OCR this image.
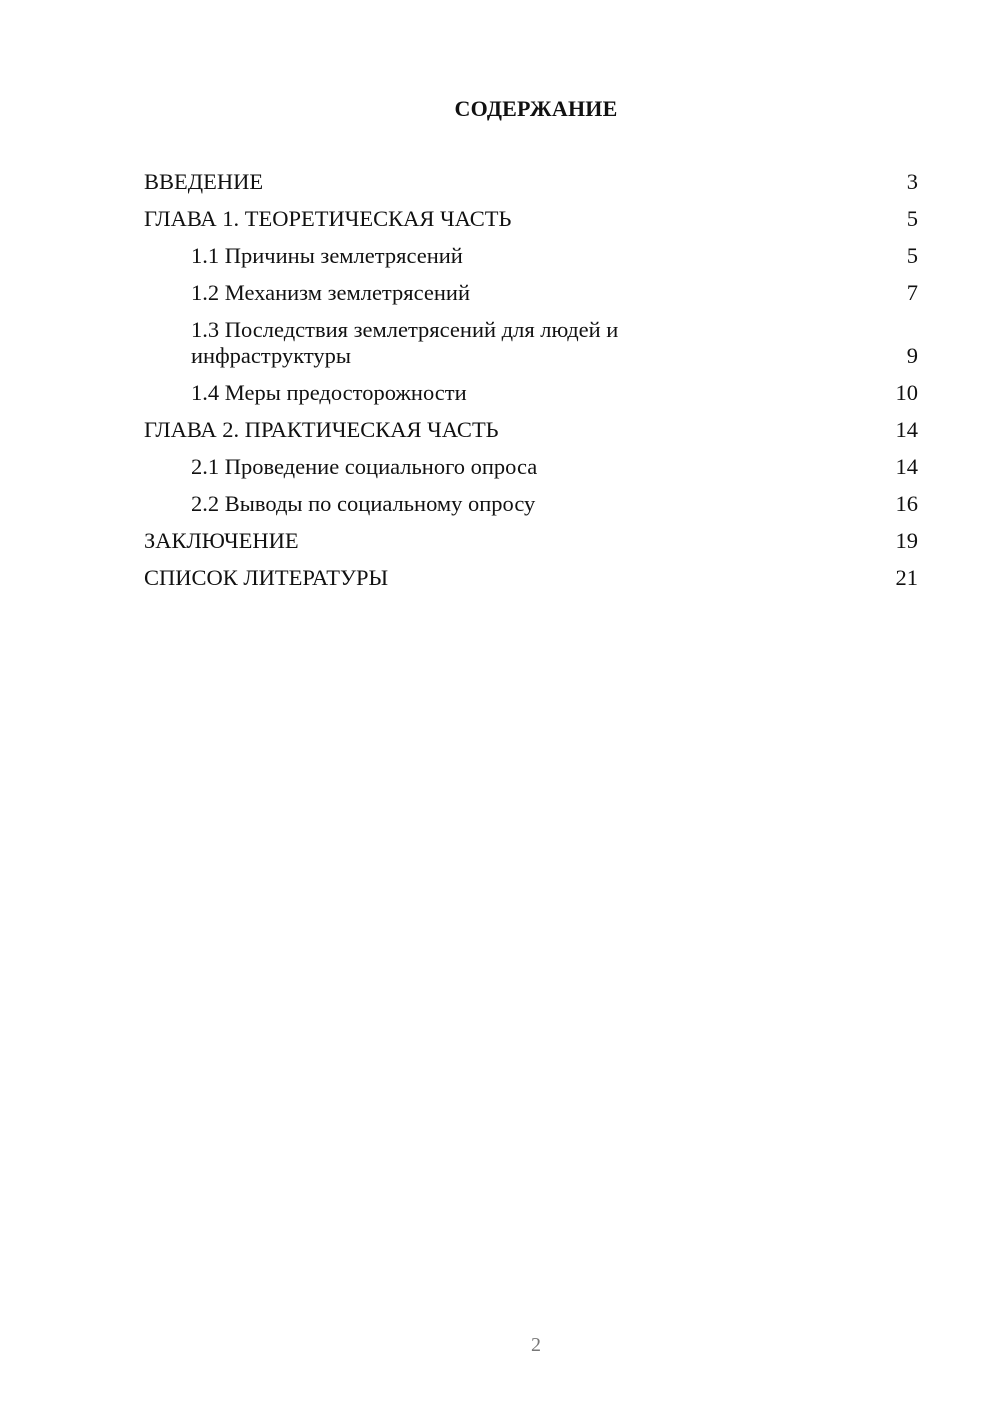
СОДЕРЖАНИЕ
ВВЕДЕНИЕ	3
ГЛАВА 1. ТЕОРЕТИЧЕСКАЯ ЧАСТЬ	5
1.1 Причины землетрясений	5
1.2 Механизм землетрясений	7
1.3 Последствия землетрясений для людей и инфраструктуры	9
1.4 Меры предосторожности	10
ГЛАВА 2. ПРАКТИЧЕСКАЯ ЧАСТЬ	14
2.1 Проведение социального опроса	14
2.2 Выводы по социальному опросу	16
ЗАКЛЮЧЕНИЕ	19
СПИСОК ЛИТЕРАТУРЫ	21
2
